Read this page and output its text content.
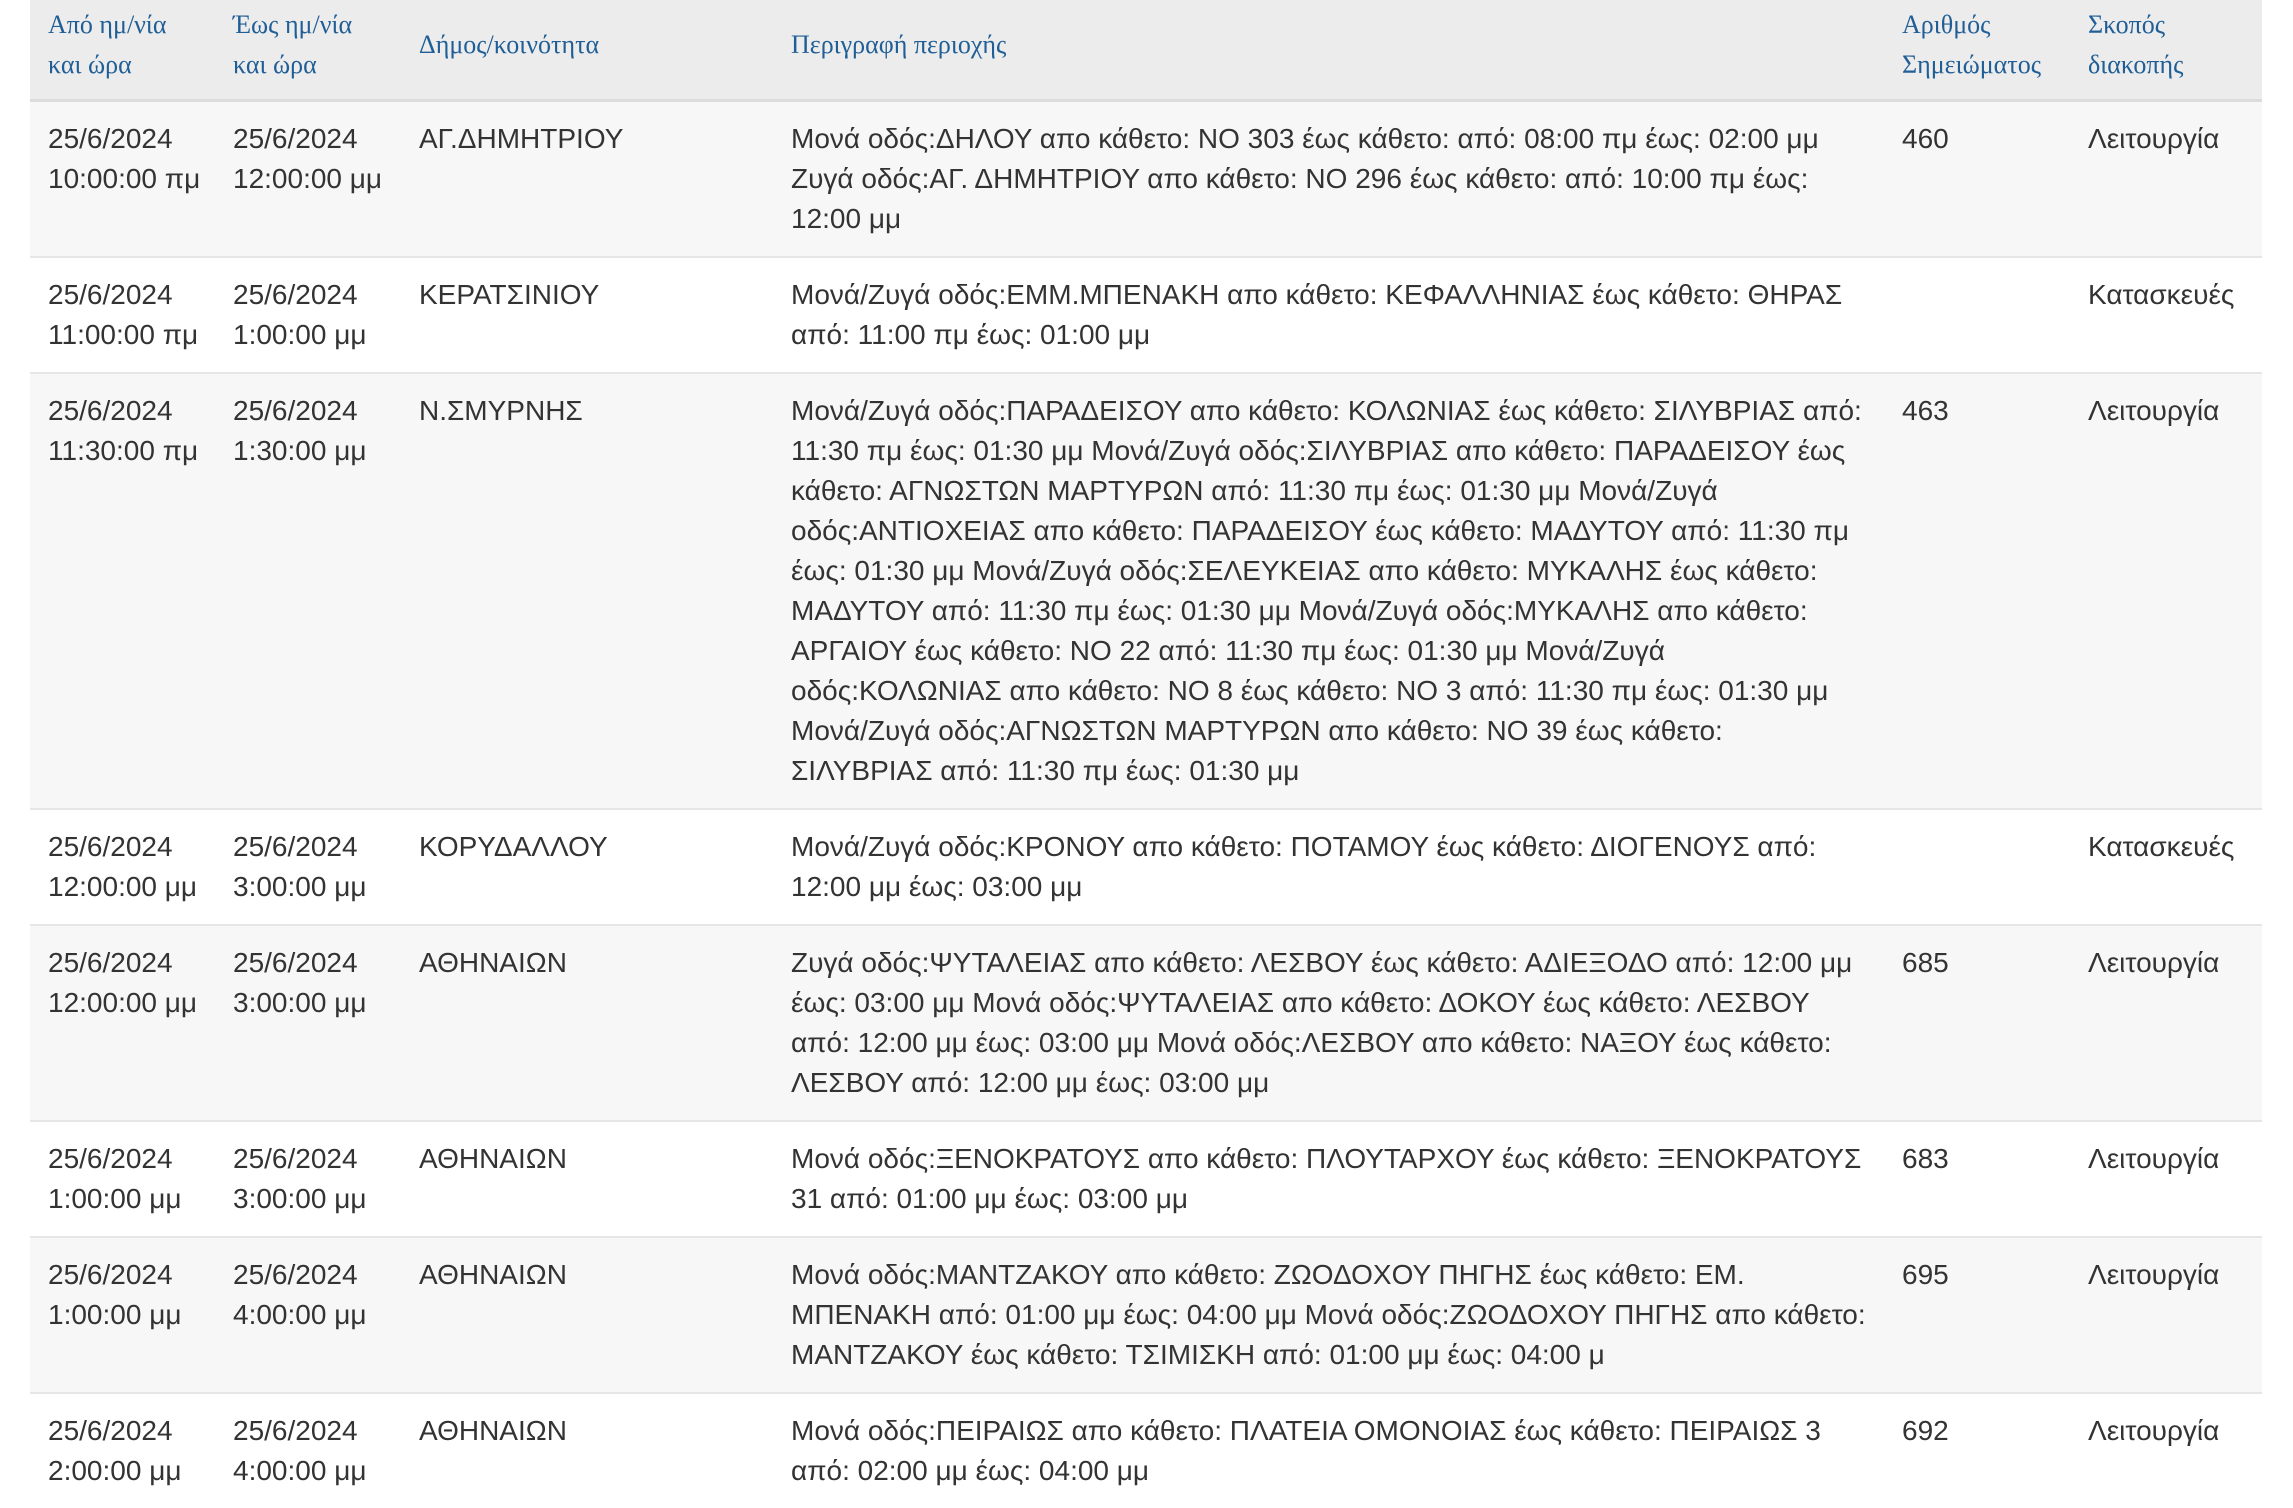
Από ημ/νία και ώρα	Έως ημ/νία και ώρα	Δήμος/κοινότητα	Περιγραφή περιοχής	Αριθμός Σημειώματος	Σκοπός διακοπής
25/6/2024
10:00:00 πμ	25/6/2024
12:00:00 μμ	ΑΓ.ΔΗΜΗΤΡΙΟΥ	Μονά οδός:ΔΗΛΟΥ απο κάθετο: ΝΟ 303 έως κάθετο: από: 08:00 πμ έως: 02:00 μμ Ζυγά οδός:ΑΓ. ΔΗΜΗΤΡΙΟΥ απο κάθετο: ΝΟ 296 έως κάθετο: από: 10:00 πμ έως: 12:00 μμ	460	Λειτουργία
25/6/2024
11:00:00 πμ	25/6/2024
1:00:00 μμ	ΚΕΡΑΤΣΙΝΙΟΥ	Μονά/Ζυγά οδός:ΕΜΜ.ΜΠΕΝΑΚΗ απο κάθετο: ΚΕΦΑΛΛΗΝΙΑΣ έως κάθετο: ΘΗΡΑΣ από: 11:00 πμ έως: 01:00 μμ		Κατασκευές
25/6/2024
11:30:00 πμ	25/6/2024
1:30:00 μμ	Ν.ΣΜΥΡΝΗΣ	Μονά/Ζυγά οδός:ΠΑΡΑΔΕΙΣΟΥ απο κάθετο: ΚΟΛΩΝΙΑΣ έως κάθετο: ΣΙΛΥΒΡΙΑΣ από: 11:30 πμ έως: 01:30 μμ Μονά/Ζυγά οδός:ΣΙΛΥΒΡΙΑΣ απο κάθετο: ΠΑΡΑΔΕΙΣΟΥ έως κάθετο: ΑΓΝΩΣΤΩΝ ΜΑΡΤΥΡΩΝ από: 11:30 πμ έως: 01:30 μμ Μονά/Ζυγά οδός:ΑΝΤΙΟΧΕΙΑΣ απο κάθετο: ΠΑΡΑΔΕΙΣΟΥ έως κάθετο: ΜΑΔΥΤΟΥ από: 11:30 πμ έως: 01:30 μμ Μονά/Ζυγά οδός:ΣΕΛΕΥΚΕΙΑΣ απο κάθετο: ΜΥΚΑΛΗΣ έως κάθετο: ΜΑΔΥΤΟΥ από: 11:30 πμ έως: 01:30 μμ Μονά/Ζυγά οδός:ΜΥΚΑΛΗΣ απο κάθετο: ΑΡΓΑΙΟΥ έως κάθετο: ΝΟ 22 από: 11:30 πμ έως: 01:30 μμ Μονά/Ζυγά οδός:ΚΟΛΩΝΙΑΣ απο κάθετο: ΝΟ 8 έως κάθετο: ΝΟ 3 από: 11:30 πμ έως: 01:30 μμ Μονά/Ζυγά οδός:ΑΓΝΩΣΤΩΝ ΜΑΡΤΥΡΩΝ απο κάθετο: ΝΟ 39 έως κάθετο: ΣΙΛΥΒΡΙΑΣ από: 11:30 πμ έως: 01:30 μμ	463	Λειτουργία
25/6/2024
12:00:00 μμ	25/6/2024
3:00:00 μμ	ΚΟΡΥΔΑΛΛΟΥ	Μονά/Ζυγά οδός:ΚΡΟΝΟΥ απο κάθετο: ΠΟΤΑΜΟΥ έως κάθετο: ΔΙΟΓΕΝΟΥΣ από: 12:00 μμ έως: 03:00 μμ		Κατασκευές
25/6/2024
12:00:00 μμ	25/6/2024
3:00:00 μμ	ΑΘΗΝΑΙΩΝ	Ζυγά οδός:ΨΥΤΑΛΕΙΑΣ απο κάθετο: ΛΕΣΒΟΥ έως κάθετο: ΑΔΙΕΞΟΔΟ από: 12:00 μμ έως: 03:00 μμ Μονά οδός:ΨΥΤΑΛΕΙΑΣ απο κάθετο: ΔΟΚΟΥ έως κάθετο: ΛΕΣΒΟΥ από: 12:00 μμ έως: 03:00 μμ Μονά οδός:ΛΕΣΒΟΥ απο κάθετο: ΝΑΞΟΥ έως κάθετο: ΛΕΣΒΟΥ από: 12:00 μμ έως: 03:00 μμ	685	Λειτουργία
25/6/2024
1:00:00 μμ	25/6/2024
3:00:00 μμ	ΑΘΗΝΑΙΩΝ	Μονά οδός:ΞΕΝΟΚΡΑΤΟΥΣ απο κάθετο: ΠΛΟΥΤΑΡΧΟΥ έως κάθετο: ΞΕΝΟΚΡΑΤΟΥΣ 31 από: 01:00 μμ έως: 03:00 μμ	683	Λειτουργία
25/6/2024
1:00:00 μμ	25/6/2024
4:00:00 μμ	ΑΘΗΝΑΙΩΝ	Μονά οδός:ΜΑΝΤΖΑΚΟΥ απο κάθετο: ΖΩΟΔΟΧΟΥ ΠΗΓΗΣ έως κάθετο: ΕΜ. ΜΠΕΝΑΚΗ από: 01:00 μμ έως: 04:00 μμ Μονά οδός:ΖΩΟΔΟΧΟΥ ΠΗΓΗΣ απο κάθετο: ΜΑΝΤΖΑΚΟΥ έως κάθετο: ΤΣΙΜΙΣΚΗ από: 01:00 μμ έως: 04:00 μ	695	Λειτουργία
25/6/2024
2:00:00 μμ	25/6/2024
4:00:00 μμ	ΑΘΗΝΑΙΩΝ	Μονά οδός:ΠΕΙΡΑΙΩΣ απο κάθετο: ΠΛΑΤΕΙΑ ΟΜΟΝΟΙΑΣ έως κάθετο: ΠΕΙΡΑΙΩΣ 3 από: 02:00 μμ έως: 04:00 μμ	692	Λειτουργία
